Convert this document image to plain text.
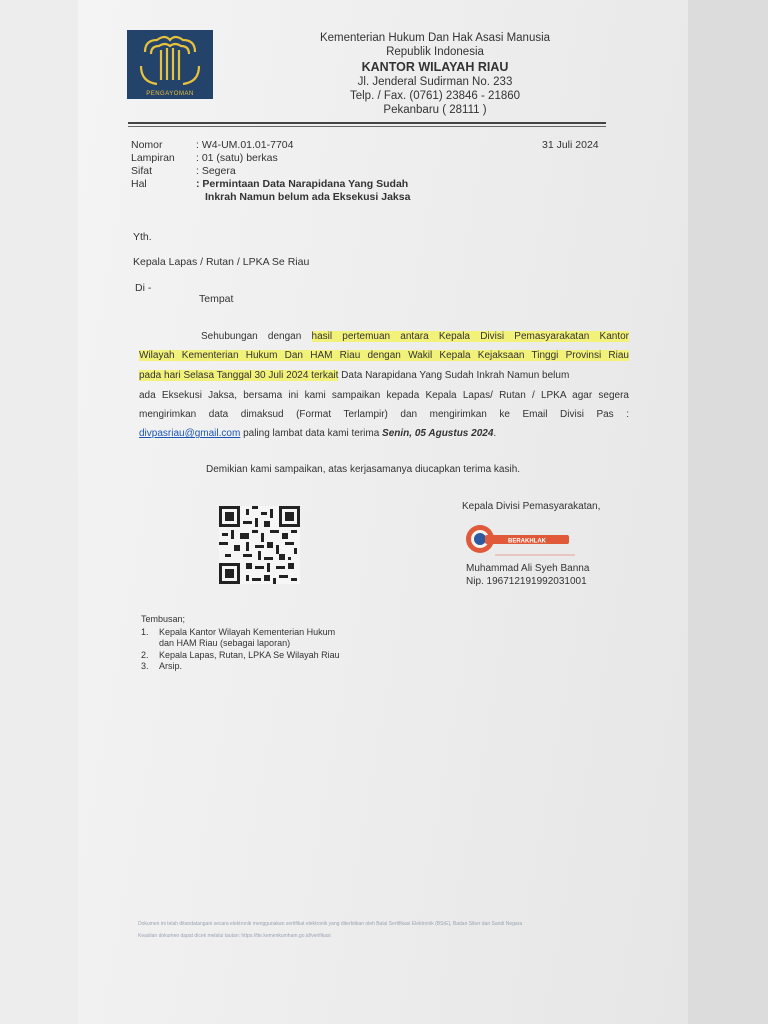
PENGAYOMAN
Kementerian Hukum Dan Hak Asasi Manusia
Republik Indonesia
KANTOR WILAYAH RIAU
Jl. Jenderal Sudirman No. 233
Telp. / Fax. (0761) 23846 - 21860
Pekanbaru ( 28111 )
Nomor	: W4-UM.01.01-7704	31 Juli 2024
Lampiran : 01 (satu) berkas
Sifat	: Segera
Hal	: Permintaan Data Narapidana Yang Sudah
Inkrah Namun belum ada Eksekusi Jaksa
Yth.
Kepala Lapas / Rutan / LPKA Se Riau
Di -
Tempat
Sehubungan dengan hasil pertemuan antara Kepala Divisi Pemasyarakatan Kantor
Wilayah Kementerian Hukum Dan HAM Riau dengan Wakil Kepala Kejaksaan Tinggi Provinsi Riau
pada hari Selasa Tanggal 30 Juli 2024 terkait Data Narapidana Yang Sudah Inkrah Namun belum
ada Eksekusi Jaksa, bersama ini kami sampaikan kepada Kepala Lapas/ Rutan / LPKA agar segera
mengirimkan data dimaksud (Format Terlampir) dan mengirimkan ke Email Divisi Pas :
divpasriau@gmail.com paling lambat data kami terima Senin, 05 Agustus 2024.
Demikian kami sampaikan, atas kerjasamanya diucapkan terima kasih.
Kepala Divisi Pemasyarakatan,
BERAKHLAK
Muhammad Ali Syeh Banna
Nip. 196712191992031001
Tembusan;
1. Kepala Kantor Wilayah Kementerian Hukum
dan HAM Riau (sebagai laporan)
2. Kepala Lapas, Rutan, LPKA Se Wilayah Riau
3. Arsip.
Dokumen ini telah ditandatangani secara elektronik menggunakan sertifikat elektronik yang diterbitkan oleh Balai Sertifikasi Elektronik (BSrE), Badan Siber dan Sandi Negara
Keaslian dokumen dapat dicek melalui tautan: https://tte.kemenkumham.go.id/verifikasi
